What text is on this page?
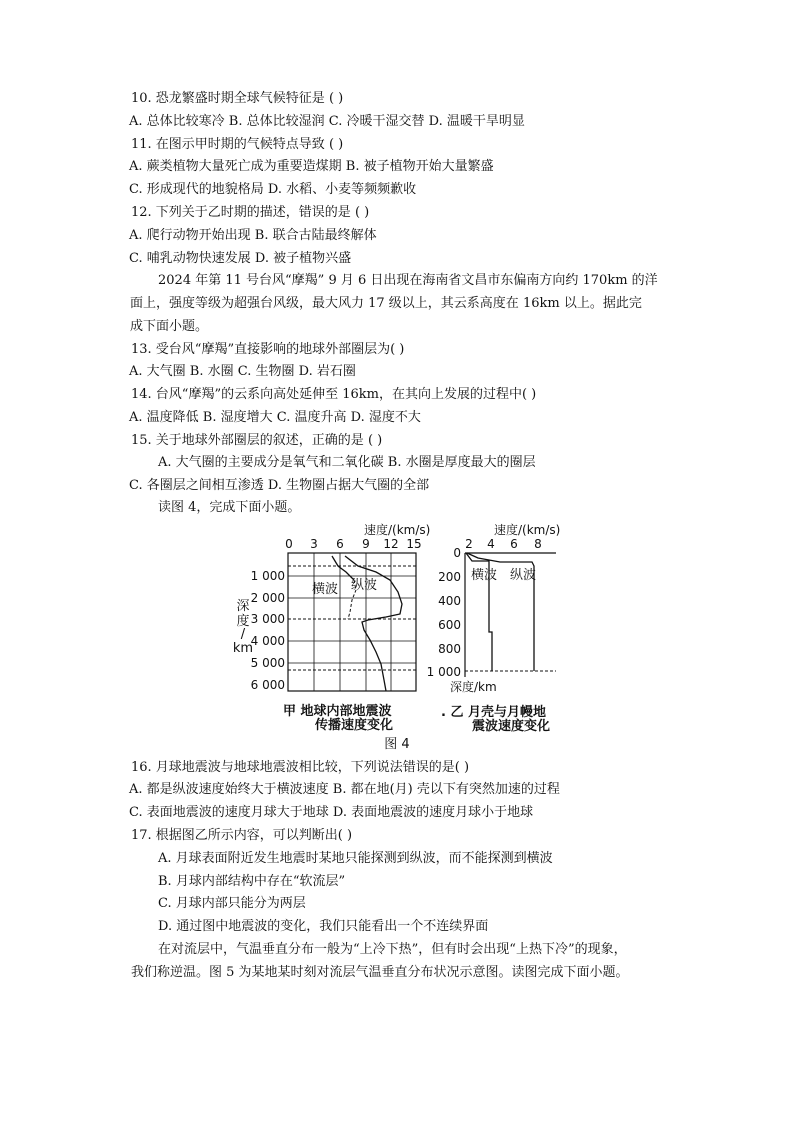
10. 恐龙繁盛时期全球气候特征是 ( )
A. 总体比较寒冷 B. 总体比较湿润 C. 冷暖干湿交替 D. 温暖干旱明显
11. 在图示甲时期的气候特点导致 ( )
A. 蕨类植物大量死亡成为重要造煤期 B. 被子植物开始大量繁盛
C. 形成现代的地貌格局 D. 水稻、小麦等频频歉收
12. 下列关于乙时期的描述，错误的是 ( )
A. 爬行动物开始出现 B. 联合古陆最终解体
C. 哺乳动物快速发展 D. 被子植物兴盛
2024 年第 11 号台风“摩羯” 9 月 6 日出现在海南省文昌市东偏南方向约 170km 的洋
面上，强度等级为超强台风级，最大风力 17 级以上，其云系高度在 16km 以上。据此完
成下面小题。
13. 受台风“摩羯”直接影响的地球外部圈层为( )
A. 大气圈 B. 水圈 C. 生物圈 D. 岩石圈
14. 台风“摩羯”的云系向高处延伸至 16km，在其向上发展的过程中( )
A. 温度降低 B. 湿度增大 C. 温度升高 D. 湿度不大
15. 关于地球外部圈层的叙述，正确的是 ( )
A. 大气圈的主要成分是氧气和二氧化碳 B. 水圈是厚度最大的圈层
C. 各圈层之间相互渗透 D. 生物圈占据大气圈的全部
读图 4，完成下面小题。
速度/(km/s)
0 3 6 9 12 15
横波 纵波
1 000
2 000
3 000
4 000
5 000
6 000
深
度
/
km
甲 地球内部地震波
传播速度变化
速度/(km/s)
2 4 6 8
0
200
400
600
800
1 000
横波 纵波
深度/km
. 乙 月壳与月幔地
震波速度变化
图 4
16. 月球地震波与地球地震波相比较，下列说法错误的是( )
A. 都是纵波速度始终大于横波速度 B. 都在地(月) 壳以下有突然加速的过程
C. 表面地震波的速度月球大于地球 D. 表面地震波的速度月球小于地球
17. 根据图乙所示内容，可以判断出( )
A. 月球表面附近发生地震时某地只能探测到纵波，而不能探测到横波
B. 月球内部结构中存在“软流层”
C. 月球内部只能分为两层
D. 通过图中地震波的变化，我们只能看出一个不连续界面
在对流层中，气温垂直分布一般为“上冷下热”，但有时会出现“上热下冷”的现象，
我们称逆温。图 5 为某地某时刻对流层气温垂直分布状况示意图。读图完成下面小题。
